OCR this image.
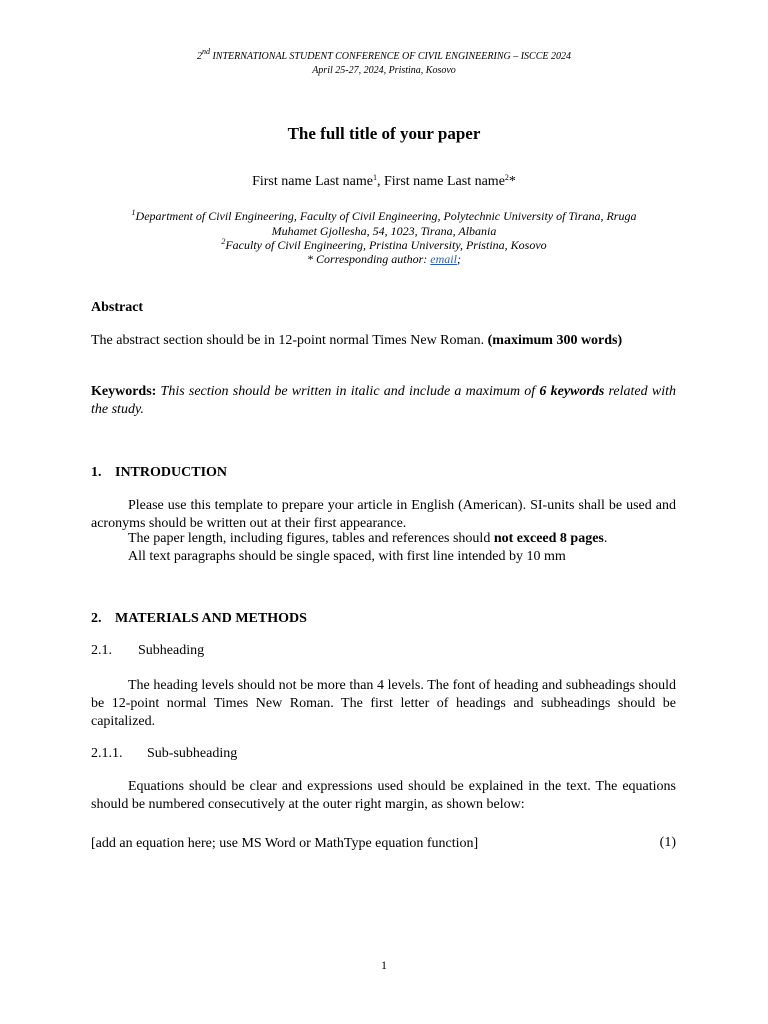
2nd INTERNATIONAL STUDENT CONFERENCE OF CIVIL ENGINEERING – ISCCE 2024
April 25-27, 2024, Pristina, Kosovo
The full title of your paper
First name Last name$^1$, First name Last name$^2$*
$^1$Department of Civil Engineering, Faculty of Civil Engineering, Polytechnic University of Tirana, Rruga
Muhamet Gjollesha, 54, 1023, Tirana, Albania
$^2$Faculty of Civil Engineering, Pristina University, Pristina, Kosovo
* Corresponding author: email;
Abstract
The abstract section should be in 12-point normal Times New Roman. (maximum 300 words)
Keywords: This section should be written in italic and include a maximum of 6 keywords related with the study.
1. INTRODUCTION
Please use this template to prepare your article in English (American). SI-units shall be used and acronyms should be written out at their first appearance.
The paper length, including figures, tables and references should not exceed 8 pages.
All text paragraphs should be single spaced, with first line intended by 10 mm
2. MATERIALS AND METHODS
2.1. Subheading
The heading levels should not be more than 4 levels. The font of heading and subheadings should be 12-point normal Times New Roman. The first letter of headings and subheadings should be capitalized.
2.1.1. Sub-subheading
Equations should be clear and expressions used should be explained in the text. The equations should be numbered consecutively at the outer right margin, as shown below:
[add an equation here; use MS Word or MathType equation function]	(1)
1
